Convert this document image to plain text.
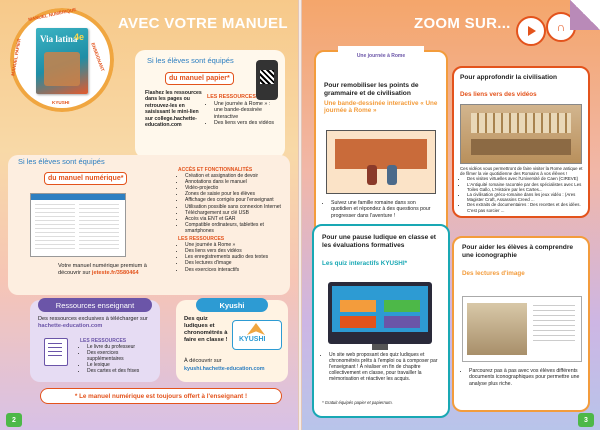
AVEC VOTRE MANUEL
Via latina
4e
MANUEL NUMÉRIQUE
ENSEIGNANT
MANUEL PAPIER
KYUSHI
Si les élèves sont équipés
du manuel papier*
Flashez les ressources dans les pages ou retrouvez-les en saisissant le mini-lien sur college.hachette-education.com
LES RESSOURCES
• Une journée à Rome » : une bande-dessinée interactive
• Des liens vers des vidéos
Si les élèves sont équipés
du manuel numérique*
Votre manuel numérique premium à découvrir sur jeteste.fr/3580464
ACCÈS ET FONCTIONNALITÉS
• Création et assignation de devoir
• Annotations dans le manuel
• Vidéo-projectio
• Zones de saisie pour les élèves
• Affichage des corrigés pour l'enseignant
• Utilisation possible sans connexion Internet
• Téléchargement sur clé USB
• Accès via ENT et GAR
• Compatible ordinateurs, tablettes et smartphones
LES RESSOURCES
• Une journée à Rome »
• Des liens vers des vidéos
• Les enregistrements audio des textes
• Des lectures d'image
• Des exercices interactifs
Ressources enseignant
Des ressources exclusives à télécharger sur hachette-education.com
LES RESSOURCES
• Le livre du professeur
• Des exercices supplémentaires
• Le lexique
• Des cartes et des frises
Kyushi
Des quiz ludiques et chronométrés à faire en classe ! KYUSHI
À découvrir sur
kyushi.hachette-education.com
* Le manuel numérique est toujours offert à l'enseignant !
2
ZOOM SUR...	∩
Une journée à Rome
Pour remobiliser les points de grammaire et de civilisation
Une bande-dessinée interactive « Une journée à Rome »
• Suivez une famille romaine dans son quotidien et répondez à des questions pour progresser dans l'aventure !
Pour approfondir la civilisation
Des liens vers des vidéos
Ces vidéos vous permettront de faire visiter la Rome antique et de filmer la vie quotidienne des Romains à vos élèves !
• Des visites virtuelles avec l'Université de Caen (CIREVE)
• L'Antiquité romaine racontée par des spécialistes avec Les Toiles Gallo, L'Histoire par les Cartes...
• La civilisation gréco-romaine dans les jeux vidéo : (Ares Magister Craft, Assassins Creed ...
• Des extraits de documentaires : Des recettes et des idées. C'est pas sorcier ...
Pour une pause ludique en classe et les évaluations formatives
Les quiz interactifs KYUSHI*
• Un site web proposant des quiz ludiques et chronométrés prêts à l'emploi ou à composer par l'enseignant ! À réaliser en fin de chapitre collectivement en classe, pour travailler la mémorisation et réactiver les acquis.
* Gratuit équipés papier et papiernum.
Pour aider les élèves à comprendre une iconographie
Des lectures d'image
• Parcourez pas à pas avec vos élèves différents documents iconographiques pour permettre une analyse plus riche.
3
